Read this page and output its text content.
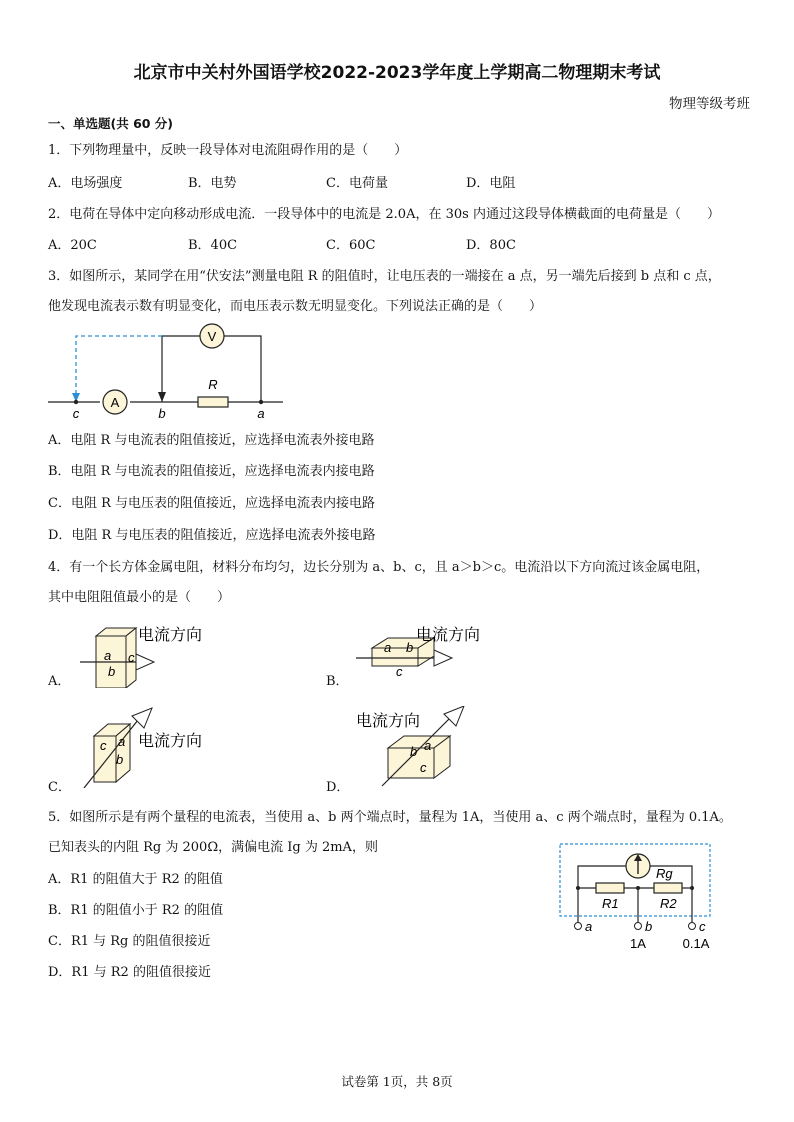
北京市中关村外国语学校2022-2023学年度上学期高二物理期末考试
物理等级考班
一、单选题(共 60 分)
1．下列物理量中，反映一段导体对电流阻碍作用的是（　　）
A．电场强度	B．电势	C．电荷量	D．电阻
2．电荷在导体中定向移动形成电流．一段导体中的电流是 2.0A，在 30s 内通过这段导体横截面的电荷量是（　　）
A．20C	B．40C	C．60C	D．80C
3．如图所示，某同学在用“伏安法”测量电阻 R 的阻值时，让电压表的一端接在 a 点，另一端先后接到 b 点和 c 点，
他发现电流表示数有明显变化，而电压表示数无明显变化。下列说法正确的是（　　）
A
R
V
c	b	a
A．电阻 R 与电流表的阻值接近，应选择电流表外接电路
B．电阻 R 与电流表的阻值接近，应选择电流表内接电路
C．电阻 R 与电压表的阻值接近，应选择电流表内接电路
D．电阻 R 与电压表的阻值接近，应选择电流表外接电路
4．有一个长方体金属电阻，材料分布均匀，边长分别为 a、b、c，且 a＞b＞c。电流沿以下方向流过该金属电阻，
其中电阻阻值最小的是（　　）
A．
a
b
c
电流方向
B．
a b
c
电流方向
C．
c a
b
电流方向
D．
电流方向
b a
c
5．如图所示是有两个量程的电流表，当使用 a、b 两个端点时，量程为 1A，当使用 a、c 两个端点时，量程为 0.1A。
已知表头的内阻 Rg 为 200Ω，满偏电流 Ig 为 2mA，则
A．R1 的阻值大于 R2 的阻值
B．R1 的阻值小于 R2 的阻值
C．R1 与 Rg 的阻值很接近
D．R1 与 R2 的阻值很接近
Rg
R1	R2
a	b	c
1A	0.1A
试卷第 1页，共 8页
